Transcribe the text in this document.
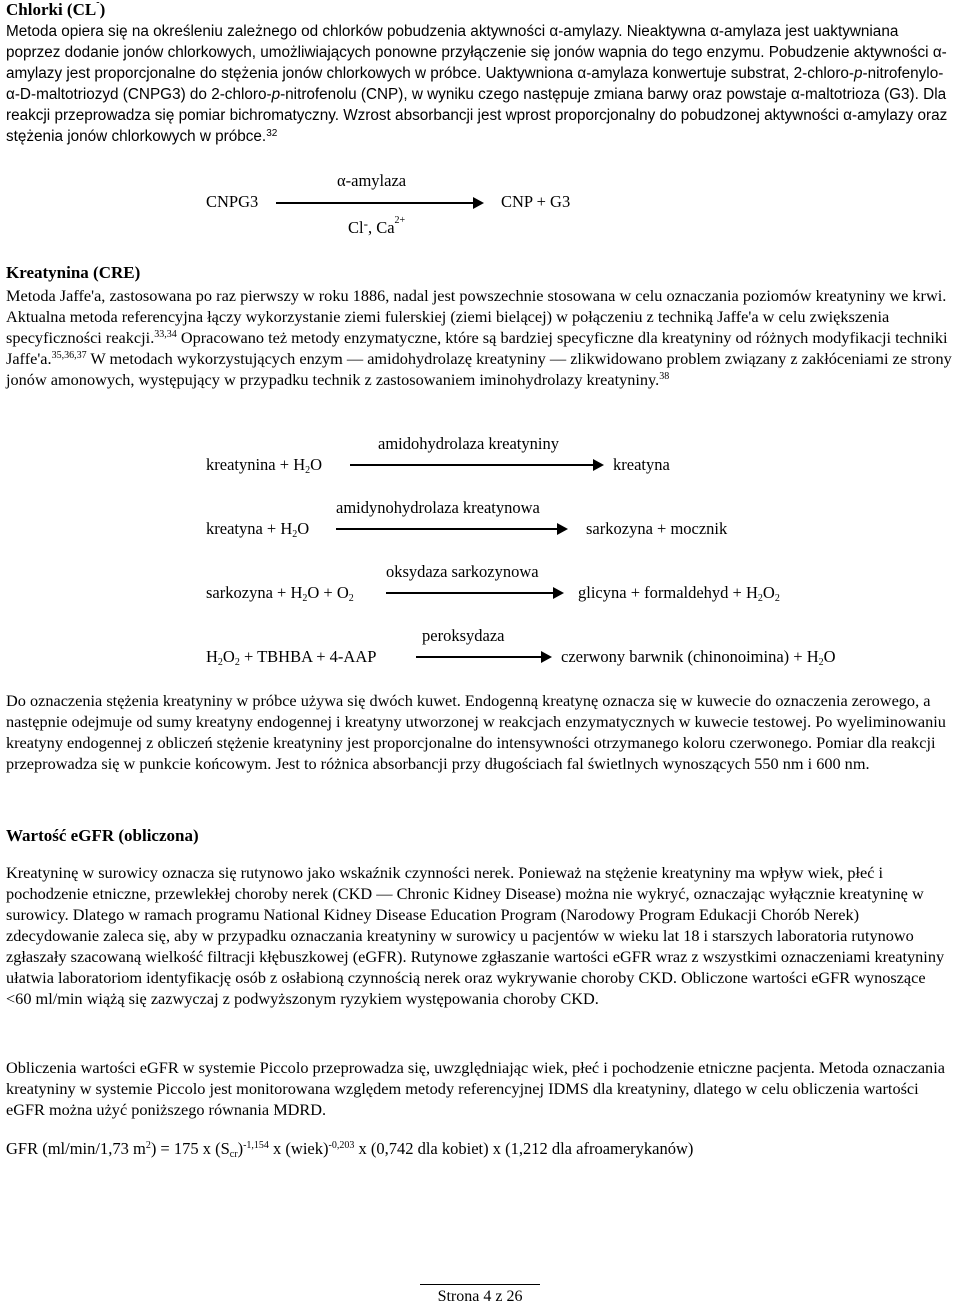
Chlorki (CL-)
Metoda opiera się na określeniu zależnego od chlorków pobudzenia aktywności α-amylazy. Nieaktywna α-amylaza jest uaktywniana poprzez dodanie jonów chlorkowych, umożliwiających ponowne przyłączenie się jonów wapnia do tego enzymu. Pobudzenie aktywności α-amylazy jest proporcjonalne do stężenia jonów chlorkowych w próbce. Uaktywniona α-amylaza konwertuje substrat, 2-chloro-p-nitrofenylo-α-D-maltotriozyd (CNPG3) do 2-chloro-p-nitrofenolu (CNP), w wyniku czego następuje zmiana barwy oraz powstaje α-maltotrioza (G3). Dla reakcji przeprowadza się pomiar bichromatyczny. Wzrost absorbancji jest wprost proporcjonalny do pobudzonej aktywności α-amylazy oraz stężenia jonów chlorkowych w próbce.$^{32}$
CNPG3
α-amylaza
CNP + G3
Cl-, $Ca^{2+}$
Kreatynina (CRE)
Metoda Jaffe'a, zastosowana po raz pierwszy w roku 1886, nadal jest powszechnie stosowana w celu oznaczania poziomów kreatyniny we krwi. Aktualna metoda referencyjna łączy wykorzystanie ziemi fulerskiej (ziemi bielącej) w połączeniu z techniką Jaffe'a w celu zwiększenia specyficzności reakcji.$^{33,34}$ Opracowano też metody enzymatyczne, które są bardziej specyficzne dla kreatyniny od różnych modyfikacji techniki Jaffe'a.$^{35,36,37}$ W metodach wykorzystujących enzym — amidohydrolazę kreatyniny — zlikwidowano problem związany z zakłóceniami ze strony jonów amonowych, występujący w przypadku technik z zastosowaniem iminohydrolazy kreatyniny.$^{38}$
amidohydrolaza kreatyniny
kreatynina + $H_2O$	kreatyna
amidynohydrolaza kreatynowa
kreatyna + $H_2O$	sarkozyna + mocznik
oksydaza sarkozynowa
sarkozyna + $H_2O + O_2$	glicyna + formaldehyd + $H_2O_2$
peroksydaza
$H_2O_2$ + TBHBA + 4-AAP	czerwony barwnik (chinonoimina) + $H_2O$
Do oznaczenia stężenia kreatyniny w próbce używa się dwóch kuwet. Endogenną kreatynę oznacza się w kuwecie do oznaczenia zerowego, a następnie odejmuje od sumy kreatyny endogennej i kreatyny utworzonej w reakcjach enzymatycznych w kuwecie testowej. Po wyeliminowaniu kreatyny endogennej z obliczeń stężenie kreatyniny jest proporcjonalne do intensywności otrzymanego koloru czerwonego. Pomiar dla reakcji przeprowadza się w punkcie końcowym. Jest to różnica absorbancji przy długościach fal świetlnych wynoszących 550 nm i 600 nm.
Wartość eGFR (obliczona)
Kreatyninę w surowicy oznacza się rutynowo jako wskaźnik czynności nerek. Ponieważ na stężenie kreatyniny ma wpływ wiek, płeć i pochodzenie etniczne, przewlekłej choroby nerek (CKD — Chronic Kidney Disease) można nie wykryć, oznaczając wyłącznie kreatyninę w surowicy. Dlatego w ramach programu National Kidney Disease Education Program (Narodowy Program Edukacji Chorób Nerek) zdecydowanie zaleca się, aby w przypadku oznaczania kreatyniny w surowicy u pacjentów w wieku lat 18 i starszych laboratoria rutynowo zgłaszały szacowaną wielkość filtracji kłębuszkowej (eGFR). Rutynowe zgłaszanie wartości eGFR wraz z wszystkimi oznaczeniami kreatyniny ułatwia laboratoriom identyfikację osób z osłabioną czynnością nerek oraz wykrywanie choroby CKD. Obliczone wartości eGFR wynoszące <60 ml/min wiążą się zazwyczaj z podwyższonym ryzykiem występowania choroby CKD.
Obliczenia wartości eGFR w systemie Piccolo przeprowadza się, uwzględniając wiek, płeć i pochodzenie etniczne pacjenta. Metoda oznaczania kreatyniny w systemie Piccolo jest monitorowana względem metody referencyjnej IDMS dla kreatyniny, dlatego w celu obliczenia wartości eGFR można użyć poniższego równania MDRD.
GFR (ml/min/1,73 $m^2) = 175$ x $(S_{cr})^{-1,154}$ x (wiek)$^{-0,203}$ x (0,742 dla kobiet) x (1,212 dla afroamerykanów)
Strona 4 z 26
